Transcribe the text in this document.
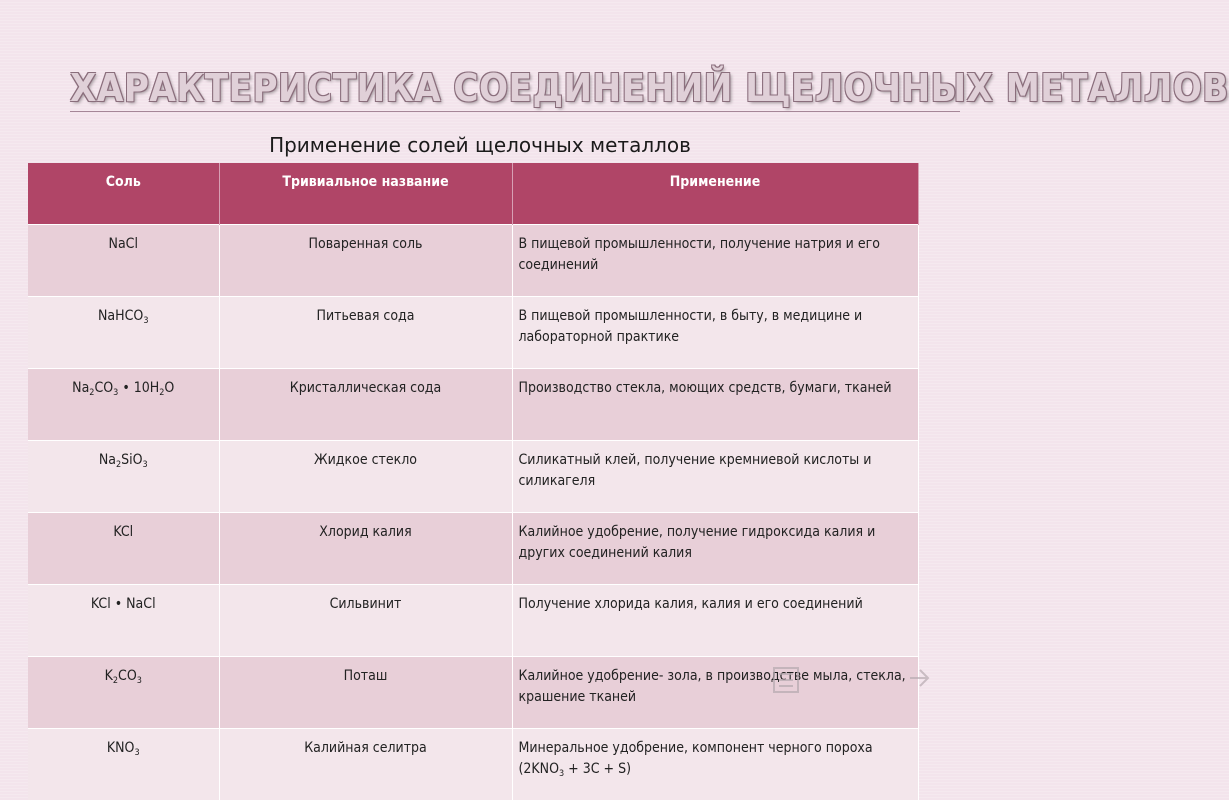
ХАРАКТЕРИСТИКА СОЕДИНЕНИЙ ЩЕЛОЧНЫХ МЕТАЛЛОВ
Применение солей щелочных металлов
Соль	Тривиальное название	Применение
NaCl	Поваренная соль	В пищевой промышленности, получение натрия и его соединений
NaHCO$_3$	Питьевая сода	В пищевой промышленности, в быту, в медицине и лабораторной практике
$Na_2CO_3$ • $10H_2O$	Кристаллическая сода	Производство стекла, моющих средств, бумаги, тканей
$Na_2SiO_3$	Жидкое стекло	Силикатный клей, получение кремниевой кислоты и силикагеля
KCl	Хлорид калия	Калийное удобрение, получение гидроксида калия и других соединений калия
KCl • NaCl	Сильвинит	Получение хлорида калия, калия и его соединений
$K_2CO_3$	Поташ	Калийное удобрение- зола, в производстве мыла, стекла, крашение тканей
$KNO_3$	Калийная селитра	Минеральное удобрение, компонент черного пороха $(2KNO_3 + 3C + S)$
